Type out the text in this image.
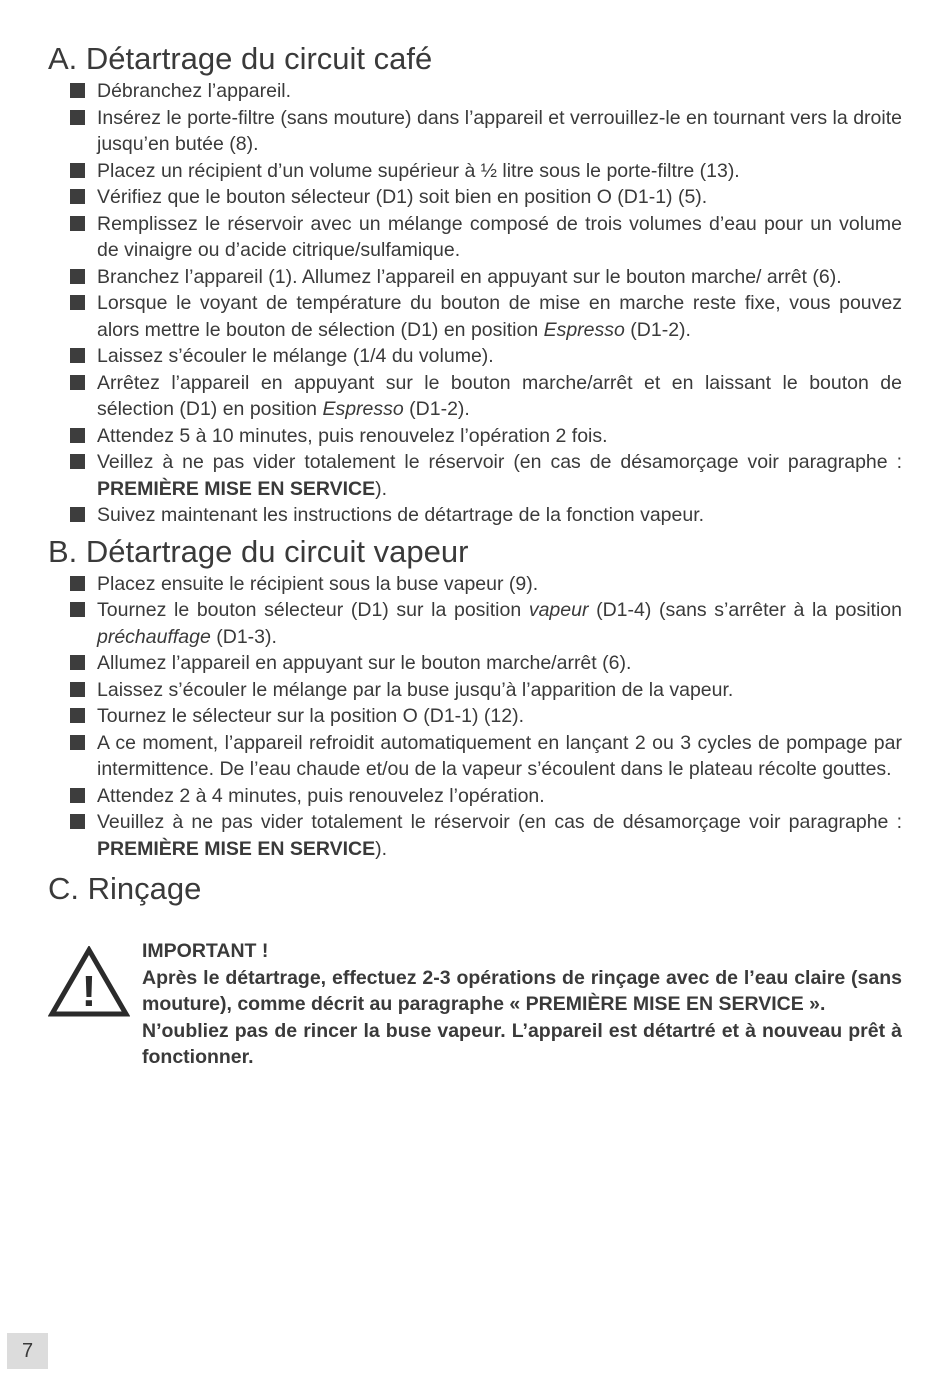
A. Détartrage du circuit café
Débranchez l’appareil.
Insérez le porte-filtre (sans mouture) dans l’appareil et verrouillez-le en tournant vers la droite jusqu’en butée (8).
Placez un récipient d’un volume supérieur à ½ litre sous le porte-filtre (13).
Vérifiez que le bouton sélecteur (D1) soit bien en position O (D1-1) (5).
Remplissez le réservoir avec un mélange composé de trois volumes d’eau pour un volume de vinaigre ou d’acide citrique/sulfamique.
Branchez l’appareil (1). Allumez l’appareil en appuyant sur le bouton marche/ arrêt (6).
Lorsque le voyant de température du bouton de mise en marche reste fixe, vous pouvez alors mettre le bouton de sélection (D1) en position Espresso (D1-2).
Laissez s’écouler le mélange (1/4 du volume).
Arrêtez l’appareil en appuyant sur le bouton marche/arrêt et en laissant le bouton de sélection (D1) en position Espresso (D1-2).
Attendez 5 à 10 minutes, puis renouvelez l’opération 2 fois.
Veillez à ne pas vider totalement le réservoir (en cas de désamorçage voir paragraphe : PREMIÈRE MISE EN SERVICE).
Suivez maintenant les instructions de détartrage de la fonction vapeur.
B. Détartrage du circuit vapeur
Placez ensuite le récipient sous la buse vapeur (9).
Tournez le bouton sélecteur (D1) sur la position vapeur (D1-4) (sans s’arrêter à la position préchauffage (D1-3).
Allumez l’appareil en appuyant sur le bouton marche/arrêt (6).
Laissez s’écouler le mélange par la buse jusqu’à l’apparition de la vapeur.
Tournez le sélecteur sur la position O (D1-1) (12).
A ce moment, l’appareil refroidit automatiquement en lançant 2 ou 3 cycles de pompage par intermittence. De l’eau chaude et/ou de la vapeur s’écoulent dans le plateau récolte gouttes.
Attendez 2 à 4 minutes, puis renouvelez l’opération.
Veuillez à ne pas vider totalement le réservoir (en cas de désamorçage voir paragraphe : PREMIÈRE MISE EN SERVICE).
C. Rinçage
!

IMPORTANT !

Après le détartrage, effectuez 2-3 opérations de rinçage avec de l’eau claire (sans mouture), comme décrit au paragraphe « PREMIÈRE MISE EN SERVICE ».

N’oubliez pas de rincer la buse vapeur. L’appareil est détartré et à nouveau prêt à fonctionner.

7
